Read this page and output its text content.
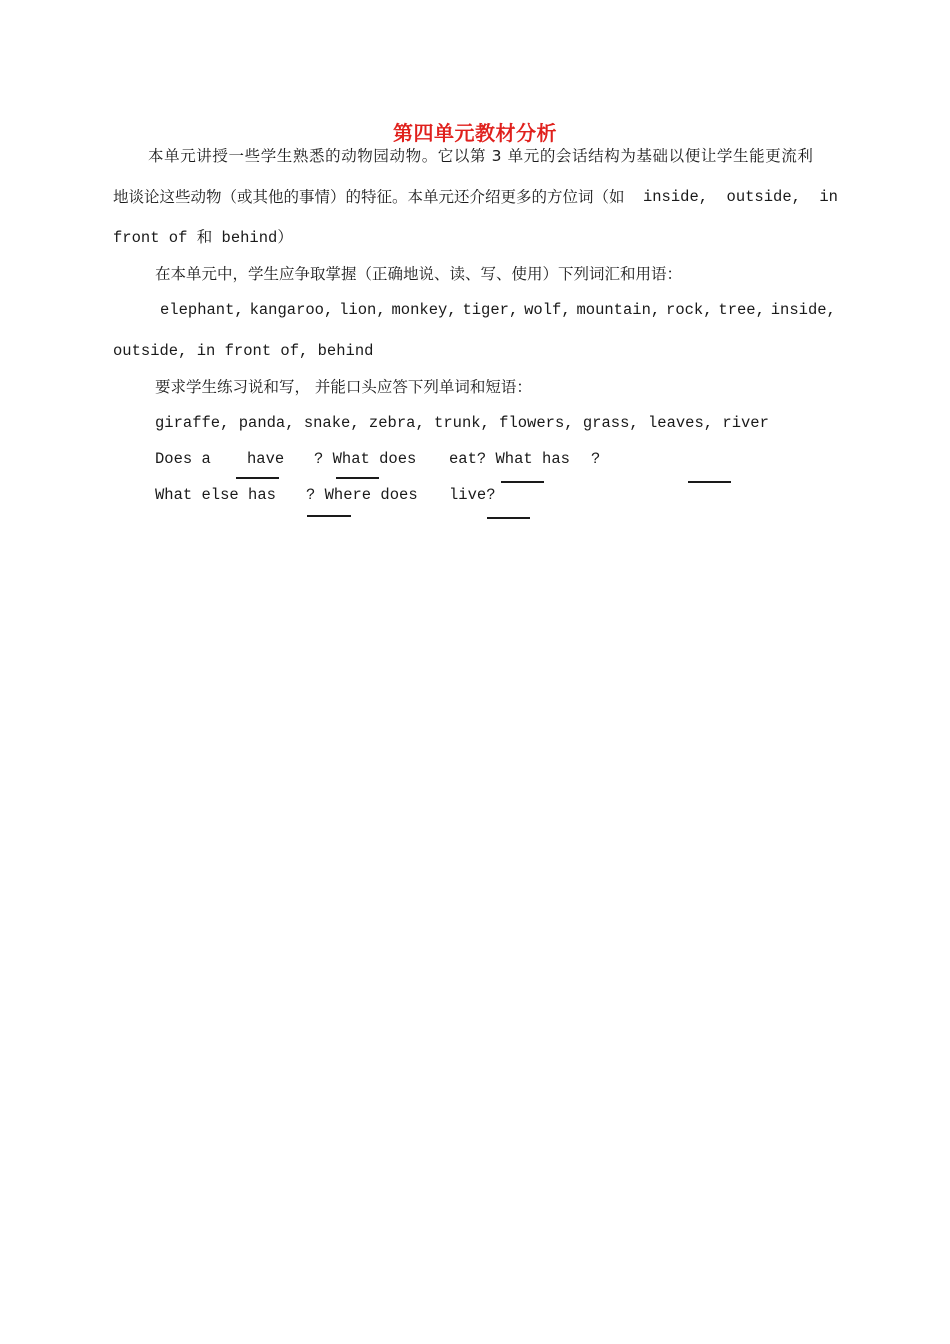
第四单元教材分析
本单元讲授一些学生熟悉的动物园动物。它以第 3 单元的会话结构为基础以便让学生能更流利
地谈论这些动物（或其他的事情）的特征。本单元还介绍更多的方位词（如 inside, outside, in
front of 和 behind）
在本单元中，学生应争取掌握（正确地说、读、写、使用）下列词汇和用语：
elephant, kangaroo, lion, monkey, tiger, wolf, mountain, rock, tree, inside,
outside, in front of, behind
要求学生练习说和写， 并能口头应答下列单词和短语：
giraffe, panda, snake, zebra, trunk, flowers, grass, leaves, river
Does a have ? What does eat? What has ?
What else has ? Where does live?
